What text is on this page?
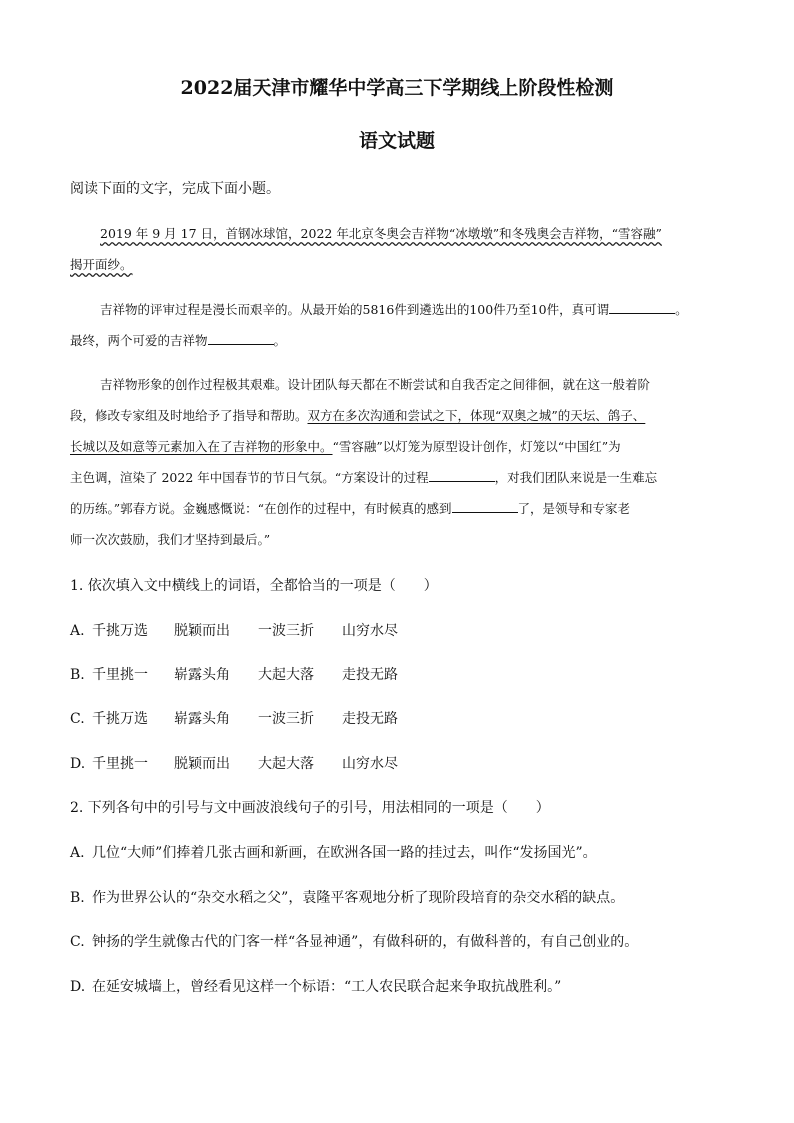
2022届天津市耀华中学高三下学期线上阶段性检测
语文试题
阅读下面的文字，完成下面小题。
2019 年 9 月 17 日，首钢冰球馆，2022 年北京冬奥会吉祥物“冰墩墩”和冬残奥会吉祥物，“雪容融”
揭开面纱。
吉祥物的评审过程是漫长而艰辛的。从最开始的5816件到遴选出的100件乃至10件，真可谓	。
最终，两个可爱的吉祥物	。
吉祥物形象的创作过程极其艰难。设计团队每天都在不断尝试和自我否定之间徘徊，就在这一般着阶
段，修改专家组及时地给予了指导和帮助。双方在多次沟通和尝试之下，体现“双奥之城”的天坛、鸽子、
长城以及如意等元素加入在了吉祥物的形象中。“雪容融”以灯笼为原型设计创作，灯笼以“中国红”为
主色调，渲染了 2022 年中国春节的节日气氛。“方案设计的过程	，对我们团队来说是一生难忘
的历练。”郭春方说。金巍感慨说：“在创作的过程中，有时候真的感到	了，是领导和专家老
师一次次鼓励，我们才坚持到最后。”
1. 依次填入文中横线上的词语，全都恰当的一项是（　　）
A. 千挑万选 脱颖而出 一波三折 山穷水尽
B. 千里挑一 崭露头角 大起大落 走投无路
C. 千挑万选 崭露头角 一波三折 走投无路
D. 千里挑一 脱颖而出 大起大落 山穷水尽
2. 下列各句中的引号与文中画波浪线句子的引号，用法相同的一项是（　　）
A. 几位“大师”们捧着几张古画和新画，在欧洲各国一路的挂过去，叫作“发扬国光”。
B. 作为世界公认的“杂交水稻之父”，袁隆平客观地分析了现阶段培育的杂交水稻的缺点。
C. 钟扬的学生就像古代的门客一样“各显神通”，有做科研的，有做科普的，有自己创业的。
D. 在延安城墙上，曾经看见这样一个标语：“工人农民联合起来争取抗战胜利。”
